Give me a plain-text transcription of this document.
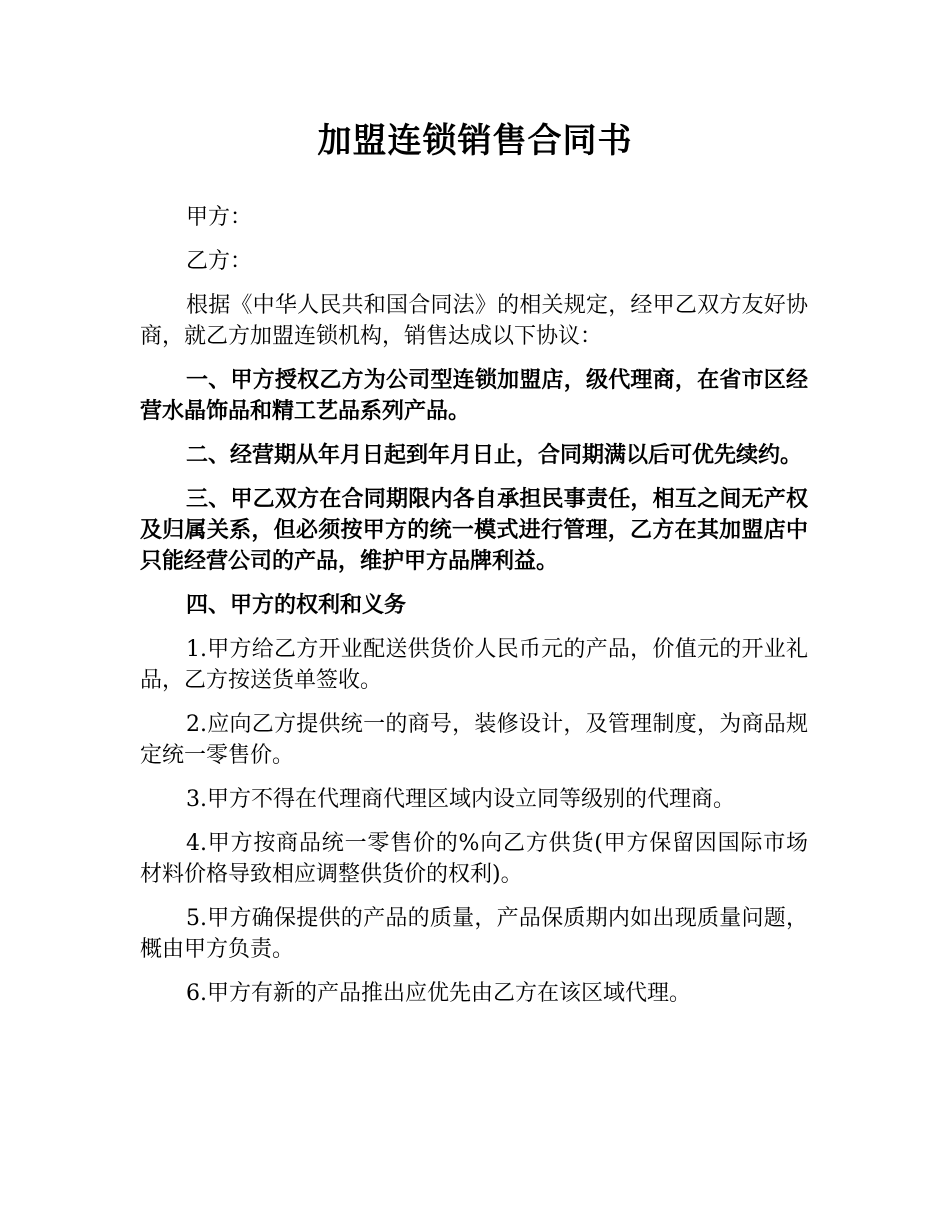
加盟连锁销售合同书

甲方：

乙方：

根据《中华人民共和国合同法》的相关规定，经甲乙双方友好协商，就乙方加盟连锁机构，销售达成以下协议：

一、甲方授权乙方为公司型连锁加盟店，级代理商，在省市区经营水晶饰品和精工艺品系列产品。

二、经营期从年月日起到年月日止，合同期满以后可优先续约。

三、甲乙双方在合同期限内各自承担民事责任，相互之间无产权及归属关系，但必须按甲方的统一模式进行管理，乙方在其加盟店中只能经营公司的产品，维护甲方品牌利益。

四、甲方的权利和义务

1.甲方给乙方开业配送供货价人民币元的产品，价值元的开业礼品，乙方按送货单签收。

2.应向乙方提供统一的商号，装修设计，及管理制度，为商品规定统一零售价。

3.甲方不得在代理商代理区域内设立同等级别的代理商。

4.甲方按商品统一零售价的%向乙方供货(甲方保留因国际市场材料价格导致相应调整供货价的权利)。

5.甲方确保提供的产品的质量，产品保质期内如出现质量问题，概由甲方负责。

6.甲方有新的产品推出应优先由乙方在该区域代理。
